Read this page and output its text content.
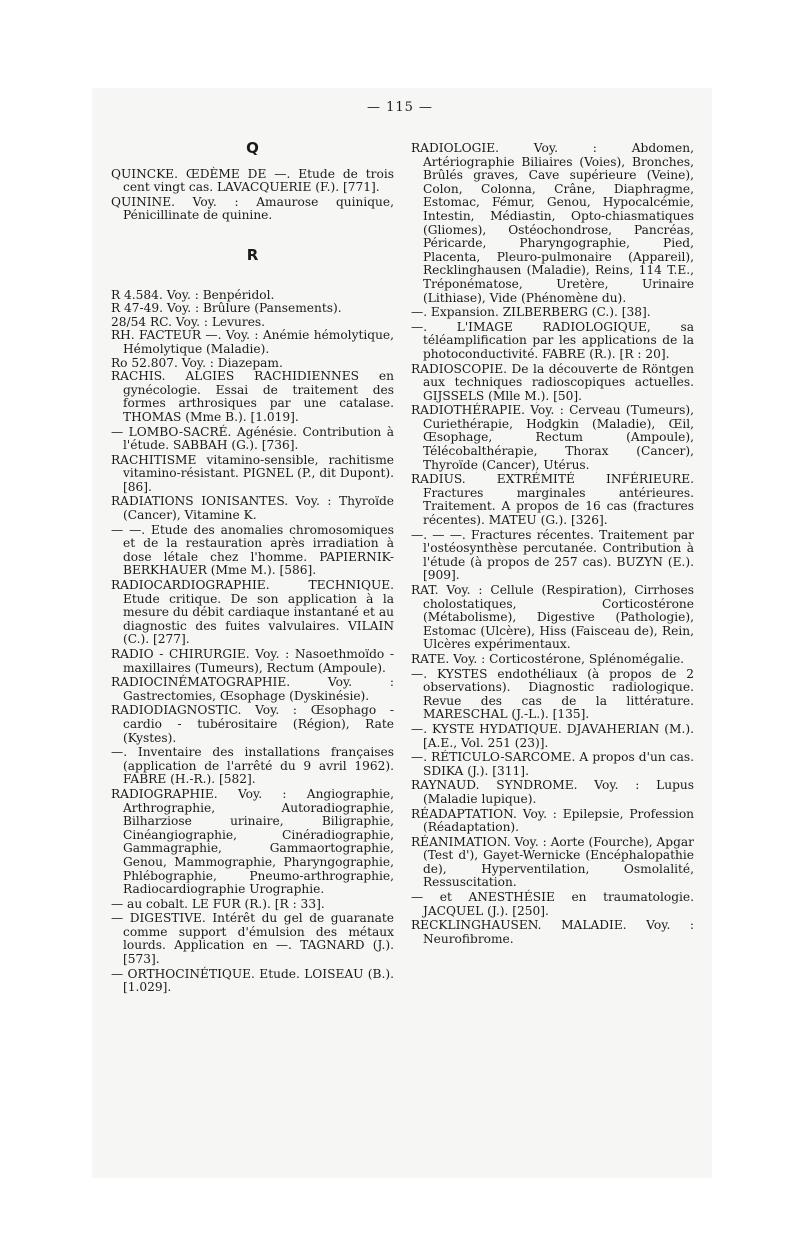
— 115 —
Q

QUINCKE. ŒDÈME DE —. Etude de trois cent vingt cas. LAVACQUERIE (F.). [771].

QUININE. Voy. : Amaurose quinique, Pénicillinate de quinine.

R

R 4.584. Voy. : Benpéridol.

R 47-49. Voy. : Brûlure (Pansements).

28/54 RC. Voy. : Levures.

RH. FACTEUR —. Voy. : Anémie hémolytique, Hémolytique (Maladie).

Ro 52.807. Voy. : Diazepam.

RACHIS. ALGIES RACHIDIENNES en gynécologie. Essai de traitement des formes arthrosiques par une catalase. THOMAS (Mme B.). [1.019].

— LOMBO-SACRÉ. Agénésie. Contribution à l'étude. SABBAH (G.). [736].

RACHITISME vitamino-sensible, rachitisme vitamino-résistant. PIGNEL (P., dit Dupont). [86].

RADIATIONS IONISANTES. Voy. : Thyroïde (Cancer), Vitamine K.

— —. Etude des anomalies chromosomiques et de la restauration après irradiation à dose létale chez l'homme. PAPIERNIK-BERKHAUER (Mme M.). [586].

RADIOCARDIOGRAPHIE. TECHNIQUE. Etude critique. De son application à la mesure du débit cardiaque instantané et au diagnostic des fuites valvulaires. VILAIN (C.). [277].

RADIO - CHIRURGIE. Voy. : Nasoethmoïdo - maxillaires (Tumeurs), Rectum (Ampoule).

RADIOCINÉMATOGRAPHIE. Voy. : Gastrectomies, Œsophage (Dyskinésie).

RADIODIAGNOSTIC. Voy. : Œsophago - cardio - tubérositaire (Région), Rate (Kystes).

—. Inventaire des installations françaises (application de l'arrêté du 9 avril 1962). FABRE (H.-R.). [582].

RADIOGRAPHIE. Voy. : Angiographie, Arthrographie, Autoradiographie, Bilharziose urinaire, Biligraphie, Cinéangiographie, Cinéradiographie, Gammagraphie, Gammaortographie, Genou, Mammographie, Pharyngographie, Phlébographie, Pneumo-arthrographie, Radiocardiographie Urographie.

— au cobalt. LE FUR (R.). [R : 33].

— DIGESTIVE. Intérêt du gel de guaranate comme support d'émulsion des métaux lourds. Application en —. TAGNARD (J.). [573].

— ORTHOCINÉTIQUE. Etude. LOISEAU (B.). [1.029].

RADIOLOGIE. Voy. : Abdomen, Artériographie Biliaires (Voies), Bronches, Brûlés graves, Cave supérieure (Veine), Colon, Colonna, Crâne, Diaphragme, Estomac, Fémur, Genou, Hypocalcémie, Intestin, Médiastin, Opto-chiasmatiques (Gliomes), Ostéochondrose, Pancréas, Péricarde, Pharyngographie, Pied, Placenta, Pleuro-pulmonaire (Appareil), Recklinghausen (Maladie), Reins, 114 T.E., Tréponématose, Uretère, Urinaire (Lithiase), Vide (Phénomène du).

—. Expansion. ZILBERBERG (C.). [38].

—. L'IMAGE RADIOLOGIQUE, sa téléamplification par les applications de la photoconductivité. FABRE (R.). [R : 20].

RADIOSCOPIE. De la découverte de Röntgen aux techniques radioscopiques actuelles. GIJSSELS (Mlle M.). [50].

RADIOTHÉRAPIE. Voy. : Cerveau (Tumeurs), Curiethérapie, Hodgkin (Maladie), Œil, Œsophage, Rectum (Ampoule), Télécobalthérapie, Thorax (Cancer), Thyroïde (Cancer), Utérus.

RADIUS. EXTRÉMITÉ INFÉRIEURE. Fractures marginales antérieures. Traitement. A propos de 16 cas (fractures récentes). MATEU (G.). [326].

—. — —. Fractures récentes. Traitement par l'ostéosynthèse percutanée. Contribution à l'étude (à propos de 257 cas). BUZYN (E.). [909].

RAT. Voy. : Cellule (Respiration), Cirrhoses cholostatiques, Corticostérone (Métabolisme), Digestive (Pathologie), Estomac (Ulcère), Hiss (Faisceau de), Rein, Ulcères expérimentaux.

RATE. Voy. : Corticostérone, Splénomégalie.

—. KYSTES endothéliaux (à propos de 2 observations). Diagnostic radiologique. Revue des cas de la littérature. MARESCHAL (J.-L.). [135].

—. KYSTE HYDATIQUE. DJAVAHERIAN (M.). [A.E., Vol. 251 (23)].

—. RÉTICULO-SARCOME. A propos d'un cas. SDIKA (J.). [311].

RAYNAUD. SYNDROME. Voy. : Lupus (Maladie lupique).

RÉADAPTATION. Voy. : Epilepsie, Profession (Réadaptation).

RÉANIMATION. Voy. : Aorte (Fourche), Apgar (Test d'), Gayet-Wernicke (Encéphalopathie de), Hyperventilation, Osmolalité, Ressuscitation.

— et ANESTHÉSIE en traumatologie. JACQUEL (J.). [250].

RECKLINGHAUSEN. MALADIE. Voy. : Neurofibrome.
